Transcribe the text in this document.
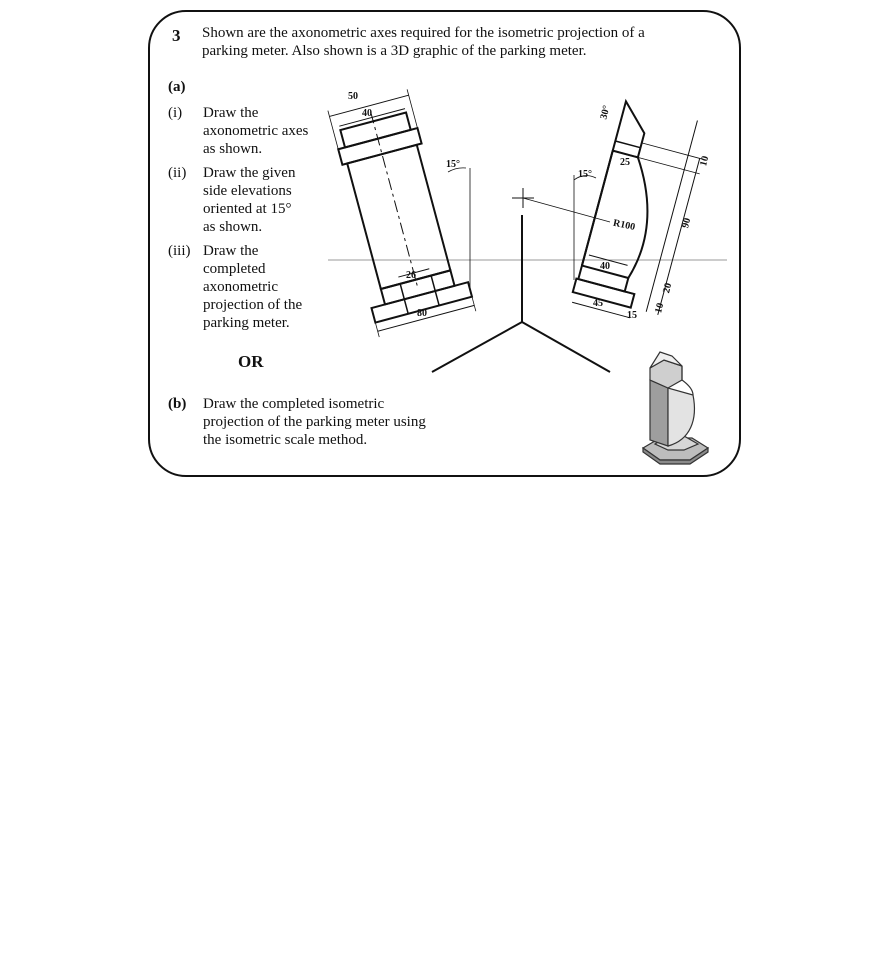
3 Shown are the axonometric axes required for the isometric projection of a
parking meter. Also shown is a 3D graphic of the parking meter.
(a)
(i) Draw the
axonometric axes
as shown.
(ii) Draw the given
side elevations
oriented at 15°
as shown.
(iii) Draw the
completed
axonometric
projection of the
parking meter.
OR
(b) Draw the completed isometric
projection of the parking meter using
the isometric scale method.
50
40
15°
26
80
30°
25
15°
R100
10
90
40
45
15
20
10
